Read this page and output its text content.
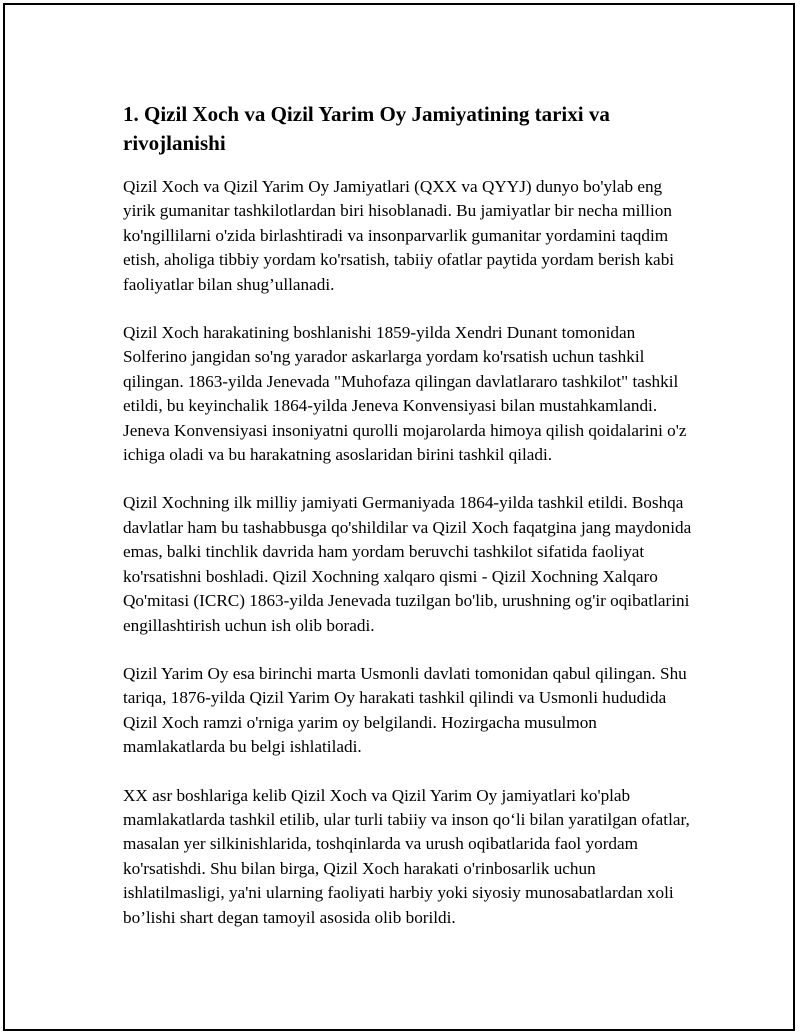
1. Qizil Xoch va Qizil Yarim Oy Jamiyatining tarixi va rivojlanishi

Qizil Xoch va Qizil Yarim Oy Jamiyatlari (QXX va QYYJ) dunyo bo'ylab eng yirik gumanitar tashkilotlardan biri hisoblanadi. Bu jamiyatlar bir necha million ko'ngillilarni o'zida birlashtiradi va insonparvarlik gumanitar yordamini taqdim etish, aholiga tibbiy yordam ko'rsatish, tabiiy ofatlar paytida yordam berish kabi faoliyatlar bilan shug’ullanadi.

Qizil Xoch harakatining boshlanishi 1859-yilda Xendri Dunant tomonidan Solferino jangidan so'ng yarador askarlarga yordam ko'rsatish uchun tashkil qilingan. 1863-yilda Jenevada "Muhofaza qilingan davlatlararo tashkilot" tashkil etildi, bu keyinchalik 1864-yilda Jeneva Konvensiyasi bilan mustahkamlandi. Jeneva Konvensiyasi insoniyatni qurolli mojarolarda himoya qilish qoidalarini o'z ichiga oladi va bu harakatning asoslaridan birini tashkil qiladi.

Qizil Xochning ilk milliy jamiyati Germaniyada 1864-yilda tashkil etildi. Boshqa davlatlar ham bu tashabbusga qo'shildilar va Qizil Xoch faqatgina jang maydonida emas, balki tinchlik davrida ham yordam beruvchi tashkilot sifatida faoliyat ko'rsatishni boshladi. Qizil Xochning xalqaro qismi - Qizil Xochning Xalqaro Qo'mitasi (ICRC) 1863-yilda Jenevada tuzilgan bo'lib, urushning og'ir oqibatlarini engillashtirish uchun ish olib boradi.

Qizil Yarim Oy esa birinchi marta Usmonli davlati tomonidan qabul qilingan. Shu tariqa, 1876-yilda Qizil Yarim Oy harakati tashkil qilindi va Usmonli hududida Qizil Xoch ramzi o'rniga yarim oy belgilandi. Hozirgacha musulmon mamlakatlarda bu belgi ishlatiladi.

XX asr boshlariga kelib Qizil Xoch va Qizil Yarim Oy jamiyatlari ko'plab mamlakatlarda tashkil etilib, ular turli tabiiy va inson qo‘li bilan yaratilgan ofatlar, masalan yer silkinishlarida, toshqinlarda va urush oqibatlarida faol yordam ko'rsatishdi. Shu bilan birga, Qizil Xoch harakati o'rinbosarlik uchun ishlatilmasligi, ya'ni ularning faoliyati harbiy yoki siyosiy munosabatlardan xoli bo’lishi shart degan tamoyil asosida olib borildi.
